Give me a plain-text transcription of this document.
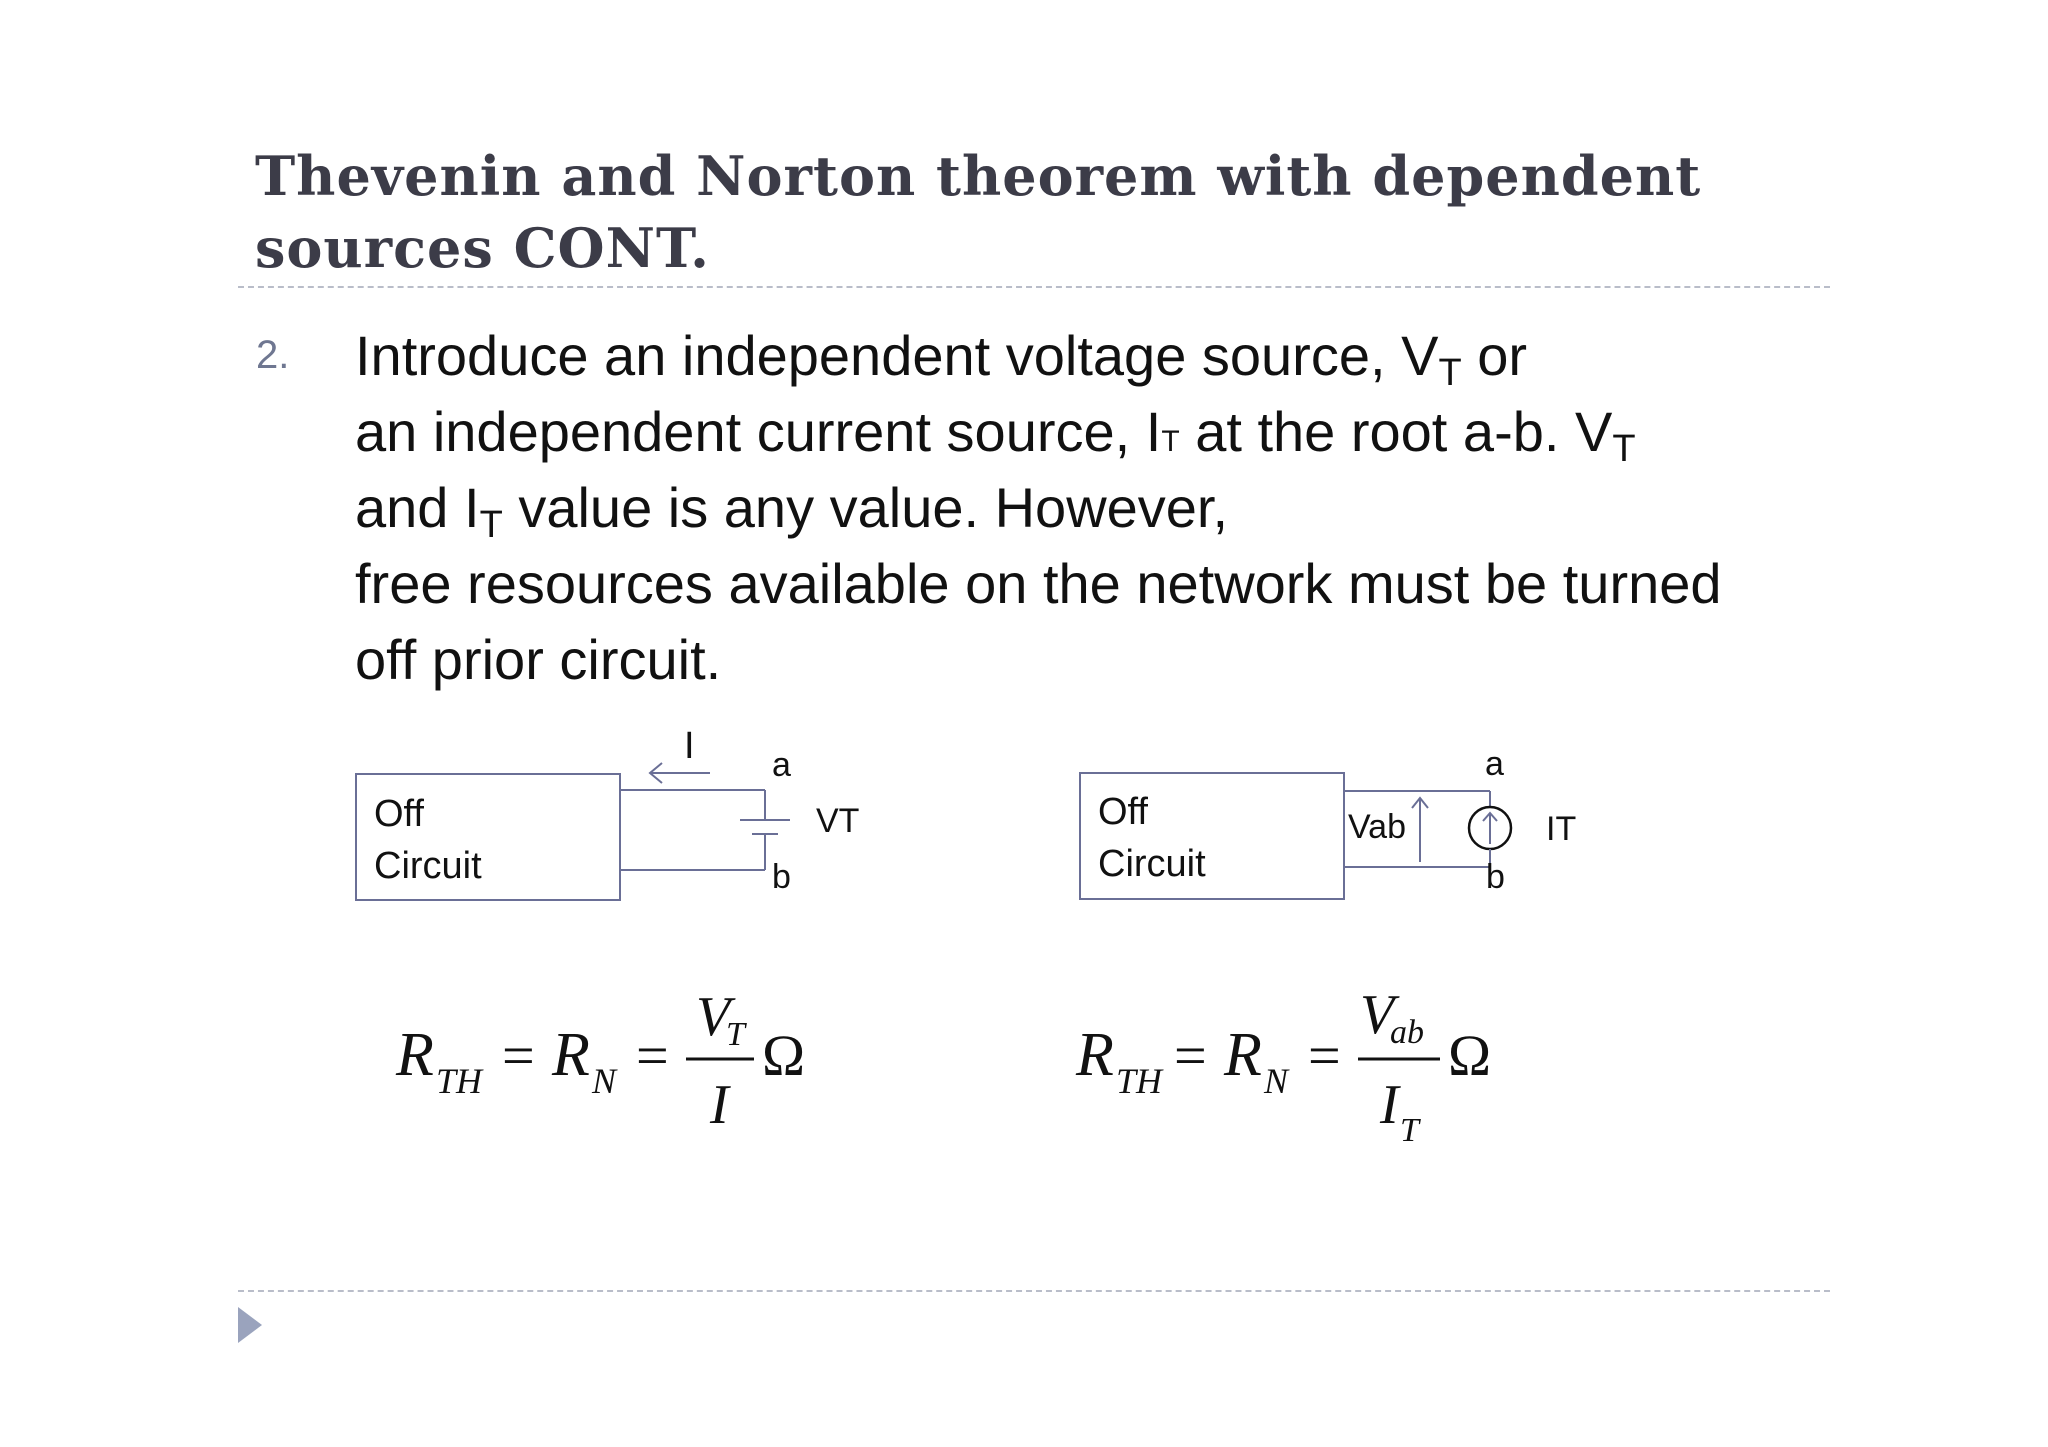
Thevenin and Norton theorem with dependent
sources CONT.
2. Introduce an independent voltage source, $V_T$ or
an independent current source, IT at the root a-b. $V_T$
and $I_T$ value is any value. However,
free resources available on the network must be turned
off prior circuit.
Off
Circuit
I a
b
VT	Off
Circuit
Vab
a
b
IT
R TH = R N =
V
T
I
Ω	R TH = R N =
V
ab
I T
Ω
